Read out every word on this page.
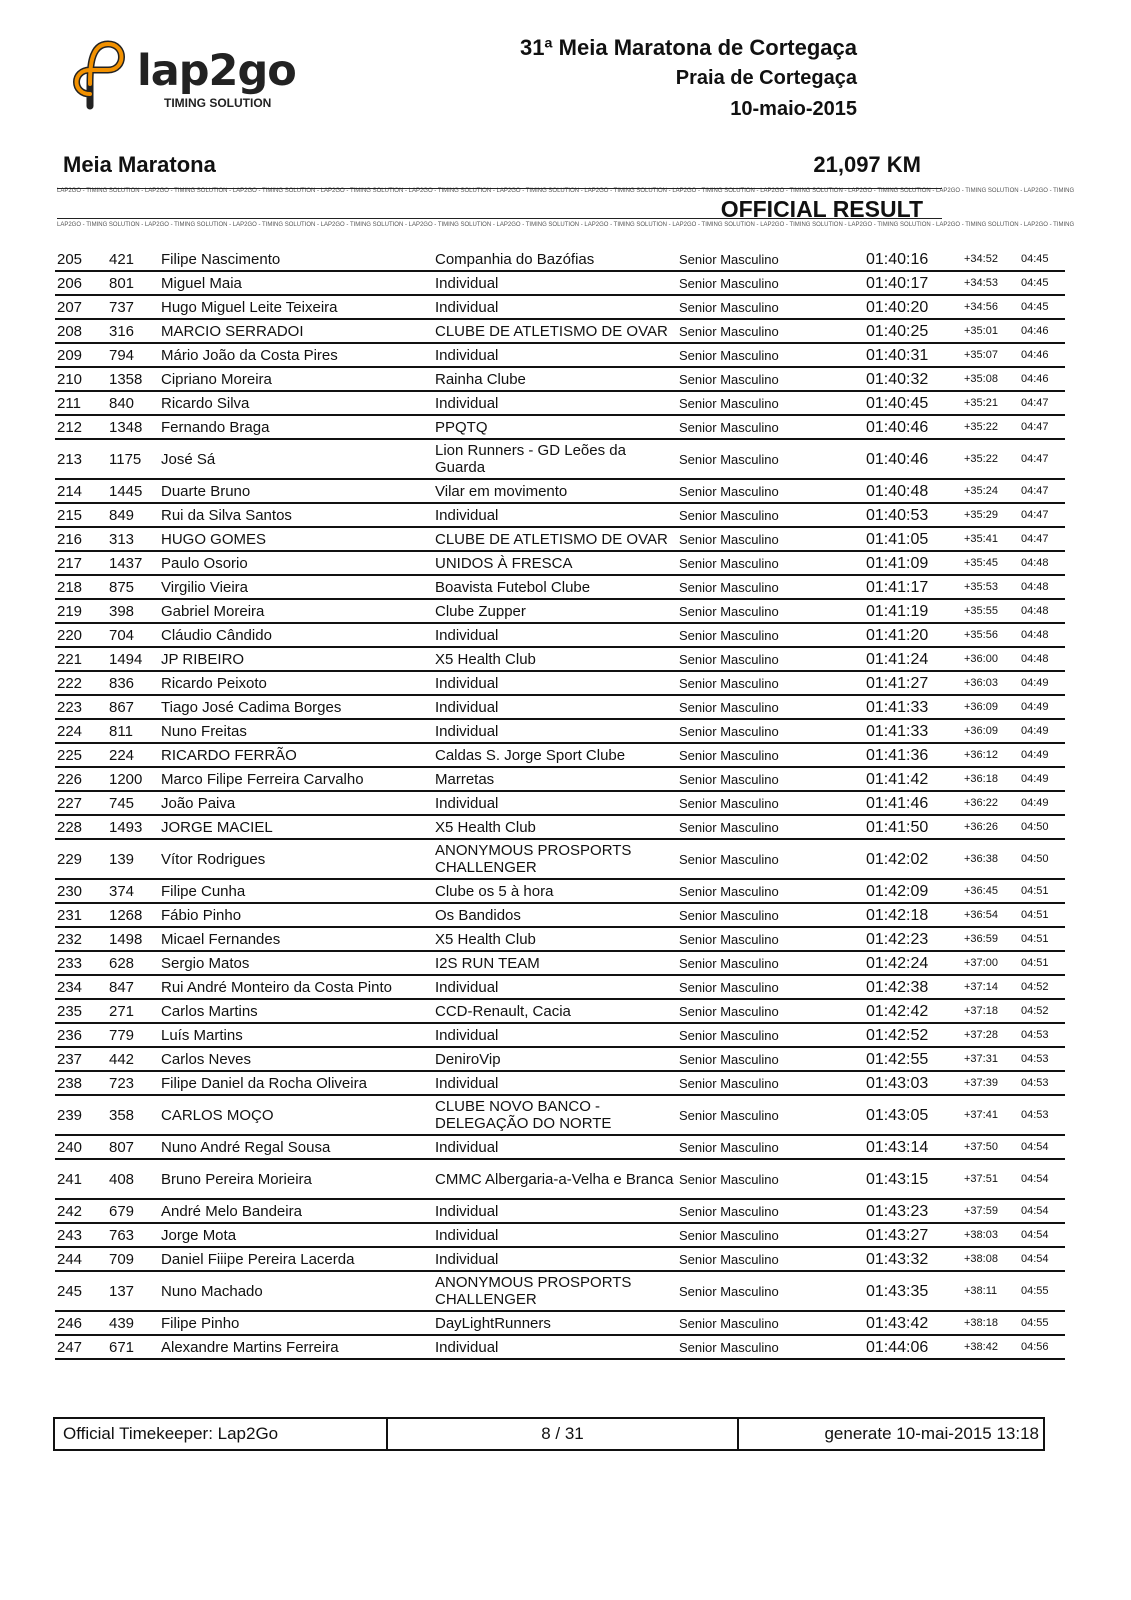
lap2go
TIMING SOLUTION
31ª Meia Maratona de Cortegaça
Praia de Cortegaça
10-maio-2015
Meia Maratona	21,097 KM
LAP2GO - TIMING SOLUTION - LAP2GO - TIMING SOLUTION - LAP2GO - TIMING SOLUTION - LAP2GO - TIMING SOLUTION - LAP2GO - TIMING SOLUTION - LAP2GO - TIMING SOLUTION - LAP2GO - TIMING SOLUTION - LAP2GO - TIMING SOLUTION - LAP2GO - TIMING SOLUTION - LAP2GO - TIMING SOLUTION - LAP2GO - TIMING SOLUTION - LAP2GO - TIMING
OFFICIAL RESULT
LAP2GO - TIMING SOLUTION - LAP2GO - TIMING SOLUTION - LAP2GO - TIMING SOLUTION - LAP2GO - TIMING SOLUTION - LAP2GO - TIMING SOLUTION - LAP2GO - TIMING SOLUTION - LAP2GO - TIMING SOLUTION - LAP2GO - TIMING SOLUTION - LAP2GO - TIMING SOLUTION - LAP2GO - TIMING SOLUTION - LAP2GO - TIMING SOLUTION - LAP2GO - TIMING
205	421	Filipe Nascimento	Companhia do Bazófias	Senior Masculino	01:40:16	+34:52	04:45
206	801	Miguel Maia	Individual	Senior Masculino	01:40:17	+34:53	04:45
207	737	Hugo Miguel Leite Teixeira	Individual	Senior Masculino	01:40:20	+34:56	04:45
208	316	MARCIO SERRADOI	CLUBE DE ATLETISMO DE OVAR	Senior Masculino	01:40:25	+35:01	04:46
209	794	Mário João da Costa Pires	Individual	Senior Masculino	01:40:31	+35:07	04:46
210	1358	Cipriano Moreira	Rainha Clube	Senior Masculino	01:40:32	+35:08	04:46
211	840	Ricardo Silva	Individual	Senior Masculino	01:40:45	+35:21	04:47
212	1348	Fernando Braga	PPQTQ	Senior Masculino	01:40:46	+35:22	04:47
213	1175	José Sá	Lion Runners - GD Leões da Guarda	Senior Masculino	01:40:46	+35:22	04:47
214	1445	Duarte Bruno	Vilar em movimento	Senior Masculino	01:40:48	+35:24	04:47
215	849	Rui da Silva Santos	Individual	Senior Masculino	01:40:53	+35:29	04:47
216	313	HUGO GOMES	CLUBE DE ATLETISMO DE OVAR	Senior Masculino	01:41:05	+35:41	04:47
217	1437	Paulo Osorio	UNIDOS À FRESCA	Senior Masculino	01:41:09	+35:45	04:48
218	875	Virgilio Vieira	Boavista Futebol Clube	Senior Masculino	01:41:17	+35:53	04:48
219	398	Gabriel Moreira	Clube Zupper	Senior Masculino	01:41:19	+35:55	04:48
220	704	Cláudio Cândido	Individual	Senior Masculino	01:41:20	+35:56	04:48
221	1494	JP RIBEIRO	X5 Health Club	Senior Masculino	01:41:24	+36:00	04:48
222	836	Ricardo Peixoto	Individual	Senior Masculino	01:41:27	+36:03	04:49
223	867	Tiago José Cadima Borges	Individual	Senior Masculino	01:41:33	+36:09	04:49
224	811	Nuno Freitas	Individual	Senior Masculino	01:41:33	+36:09	04:49
225	224	RICARDO FERRÃO	Caldas S. Jorge Sport Clube	Senior Masculino	01:41:36	+36:12	04:49
226	1200	Marco Filipe Ferreira Carvalho	Marretas	Senior Masculino	01:41:42	+36:18	04:49
227	745	João Paiva	Individual	Senior Masculino	01:41:46	+36:22	04:49
228	1493	JORGE MACIEL	X5 Health Club	Senior Masculino	01:41:50	+36:26	04:50
229	139	Vítor Rodrigues	ANONYMOUS PROSPORTS CHALLENGER	Senior Masculino	01:42:02	+36:38	04:50
230	374	Filipe Cunha	Clube os 5 à hora	Senior Masculino	01:42:09	+36:45	04:51
231	1268	Fábio Pinho	Os Bandidos	Senior Masculino	01:42:18	+36:54	04:51
232	1498	Micael Fernandes	X5 Health Club	Senior Masculino	01:42:23	+36:59	04:51
233	628	Sergio Matos	I2S RUN TEAM	Senior Masculino	01:42:24	+37:00	04:51
234	847	Rui André Monteiro da Costa Pinto	Individual	Senior Masculino	01:42:38	+37:14	04:52
235	271	Carlos Martins	CCD-Renault, Cacia	Senior Masculino	01:42:42	+37:18	04:52
236	779	Luís Martins	Individual	Senior Masculino	01:42:52	+37:28	04:53
237	442	Carlos Neves	DeniroVip	Senior Masculino	01:42:55	+37:31	04:53
238	723	Filipe Daniel da Rocha Oliveira	Individual	Senior Masculino	01:43:03	+37:39	04:53
239	358	CARLOS MOÇO	CLUBE NOVO BANCO - DELEGAÇÃO DO NORTE	Senior Masculino	01:43:05	+37:41	04:53
240	807	Nuno André Regal Sousa	Individual	Senior Masculino	01:43:14	+37:50	04:54
241	408	Bruno Pereira Morieira	CMMC Albergaria-a-Velha e Branca	Senior Masculino	01:43:15	+37:51	04:54
242	679	André Melo Bandeira	Individual	Senior Masculino	01:43:23	+37:59	04:54
243	763	Jorge Mota	Individual	Senior Masculino	01:43:27	+38:03	04:54
244	709	Daniel Fiiipe Pereira Lacerda	Individual	Senior Masculino	01:43:32	+38:08	04:54
245	137	Nuno Machado	ANONYMOUS PROSPORTS CHALLENGER	Senior Masculino	01:43:35	+38:11	04:55
246	439	Filipe Pinho	DayLightRunners	Senior Masculino	01:43:42	+38:18	04:55
247	671	Alexandre Martins Ferreira	Individual	Senior Masculino	01:44:06	+38:42	04:56
Official Timekeeper: Lap2Go	8 / 31	generate 10-mai-2015 13:18
